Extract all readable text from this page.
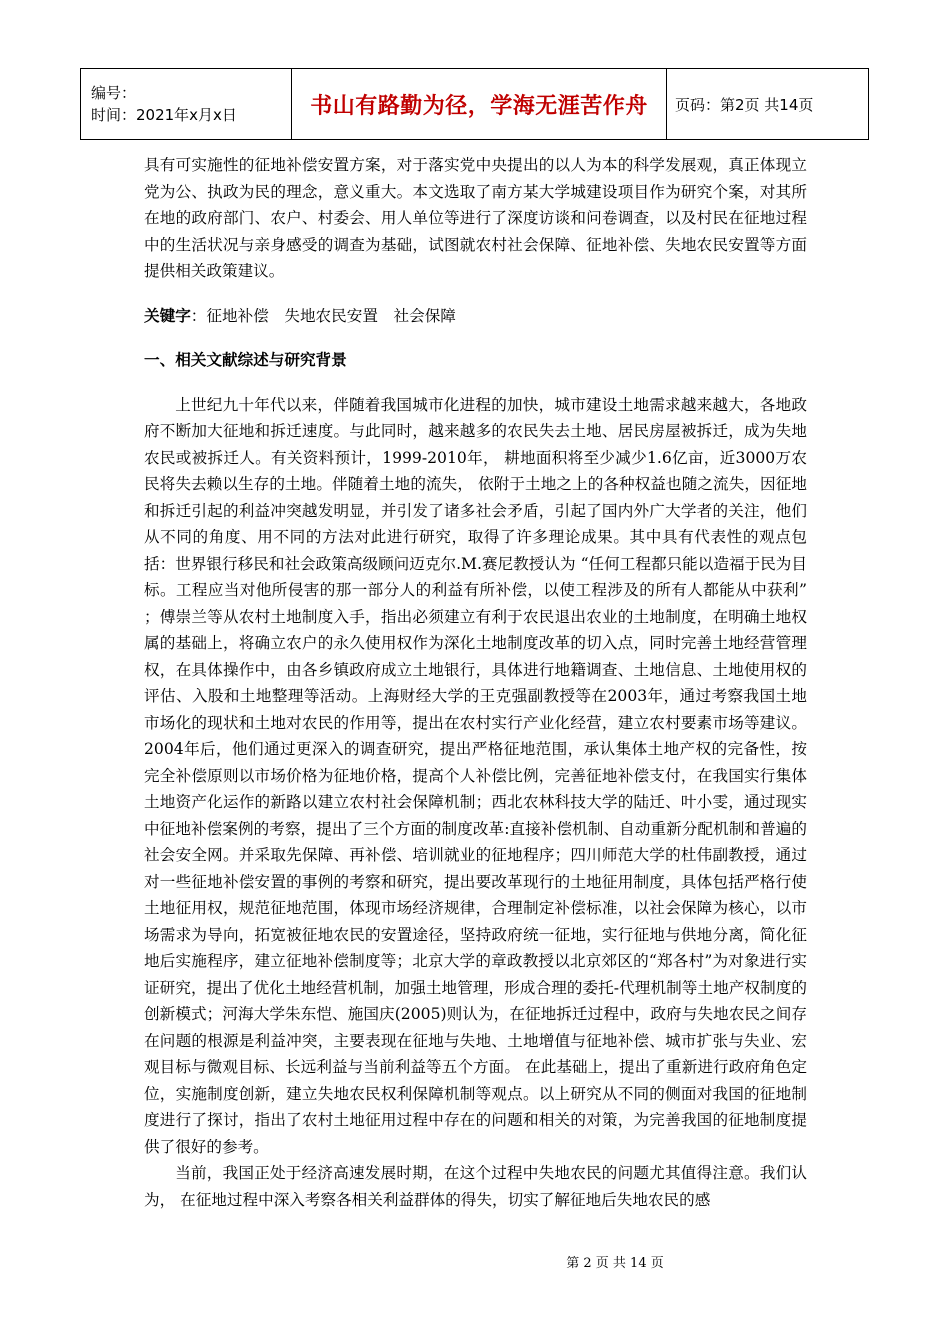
编号：
时间：2021年x月x日	书山有路勤为径，学海无涯苦作舟	页码：第2页 共14页

具有可实施性的征地补偿安置方案，对于落实党中央提出的以人为本的科学发展观，真正体现立党为公、执政为民的理念，意义重大。本文选取了南方某大学城建设项目作为研究个案，对其所在地的政府部门、农户、村委会、用人单位等进行了深度访谈和问卷调查，以及村民在征地过程中的生活状况与亲身感受的调查为基础，试图就农村社会保障、征地补偿、失地农民安置等方面提供相关政策建议。

关键字：征地补偿　失地农民安置　社会保障

一、相关文献综述与研究背景

上世纪九十年代以来，伴随着我国城市化进程的加快，城市建设土地需求越来越大，各地政府不断加大征地和拆迁速度。与此同时，越来越多的农民失去土地、居民房屋被拆迁，成为失地农民或被拆迁人。有关资料预计，1999-2010年， 耕地面积将至少减少1.6亿亩，近3000万农民将失去赖以生存的土地。伴随着土地的流失， 依附于土地之上的各种权益也随之流失，因征地和拆迁引起的利益冲突越发明显，并引发了诸多社会矛盾，引起了国内外广大学者的关注，他们从不同的角度、用不同的方法对此进行研究，取得了许多理论成果。其中具有代表性的观点包括：世界银行移民和社会政策高级顾问迈克尔.M.赛尼教授认为 “任何工程都只能以造福于民为目标。工程应当对他所侵害的那一部分人的利益有所补偿，以使工程涉及的所有人都能从中获利” ；傅崇兰等从农村土地制度入手，指出必须建立有利于农民退出农业的土地制度，在明确土地权属的基础上，将确立农户的永久使用权作为深化土地制度改革的切入点，同时完善土地经营管理权，在具体操作中，由各乡镇政府成立土地银行，具体进行地籍调查、土地信息、土地使用权的评估、入股和土地整理等活动。上海财经大学的王克强副教授等在2003年，通过考察我国土地市场化的现状和土地对农民的作用等，提出在农村实行产业化经营，建立农村要素市场等建议。2004年后，他们通过更深入的调查研究，提出严格征地范围，承认集体土地产权的完备性，按完全补偿原则以市场价格为征地价格，提高个人补偿比例，完善征地补偿支付，在我国实行集体土地资产化运作的新路以建立农村社会保障机制；西北农林科技大学的陆迁、叶小雯，通过现实中征地补偿案例的考察，提出了三个方面的制度改革:直接补偿机制、自动重新分配机制和普遍的社会安全网。并采取先保障、再补偿、培训就业的征地程序；四川师范大学的杜伟副教授，通过对一些征地补偿安置的事例的考察和研究，提出要改革现行的土地征用制度，具体包括严格行使土地征用权，规范征地范围，体现市场经济规律，合理制定补偿标准，以社会保障为核心，以市场需求为导向，拓宽被征地农民的安置途径，坚持政府统一征地，实行征地与供地分离，简化征地后实施程序，建立征地补偿制度等；北京大学的章政教授以北京郊区的“郑各村”为对象进行实证研究，提出了优化土地经营机制，加强土地管理，形成合理的委托-代理机制等土地产权制度的创新模式；河海大学朱东恺、施国庆(2005)则认为，在征地拆迁过程中，政府与失地农民之间存在问题的根源是利益冲突，主要表现在征地与失地、土地增值与征地补偿、城市扩张与失业、宏观目标与微观目标、长远利益与当前利益等五个方面。 在此基础上，提出了重新进行政府角色定位，实施制度创新，建立失地农民权利保障机制等观点。以上研究从不同的侧面对我国的征地制度进行了探讨，指出了农村土地征用过程中存在的问题和相关的对策，为完善我国的征地制度提供了很好的参考。

当前，我国正处于经济高速发展时期，在这个过程中失地农民的问题尤其值得注意。我们认为， 在征地过程中深入考察各相关利益群体的得失，切实了解征地后失地农民的感

第 2 页 共 14 页
